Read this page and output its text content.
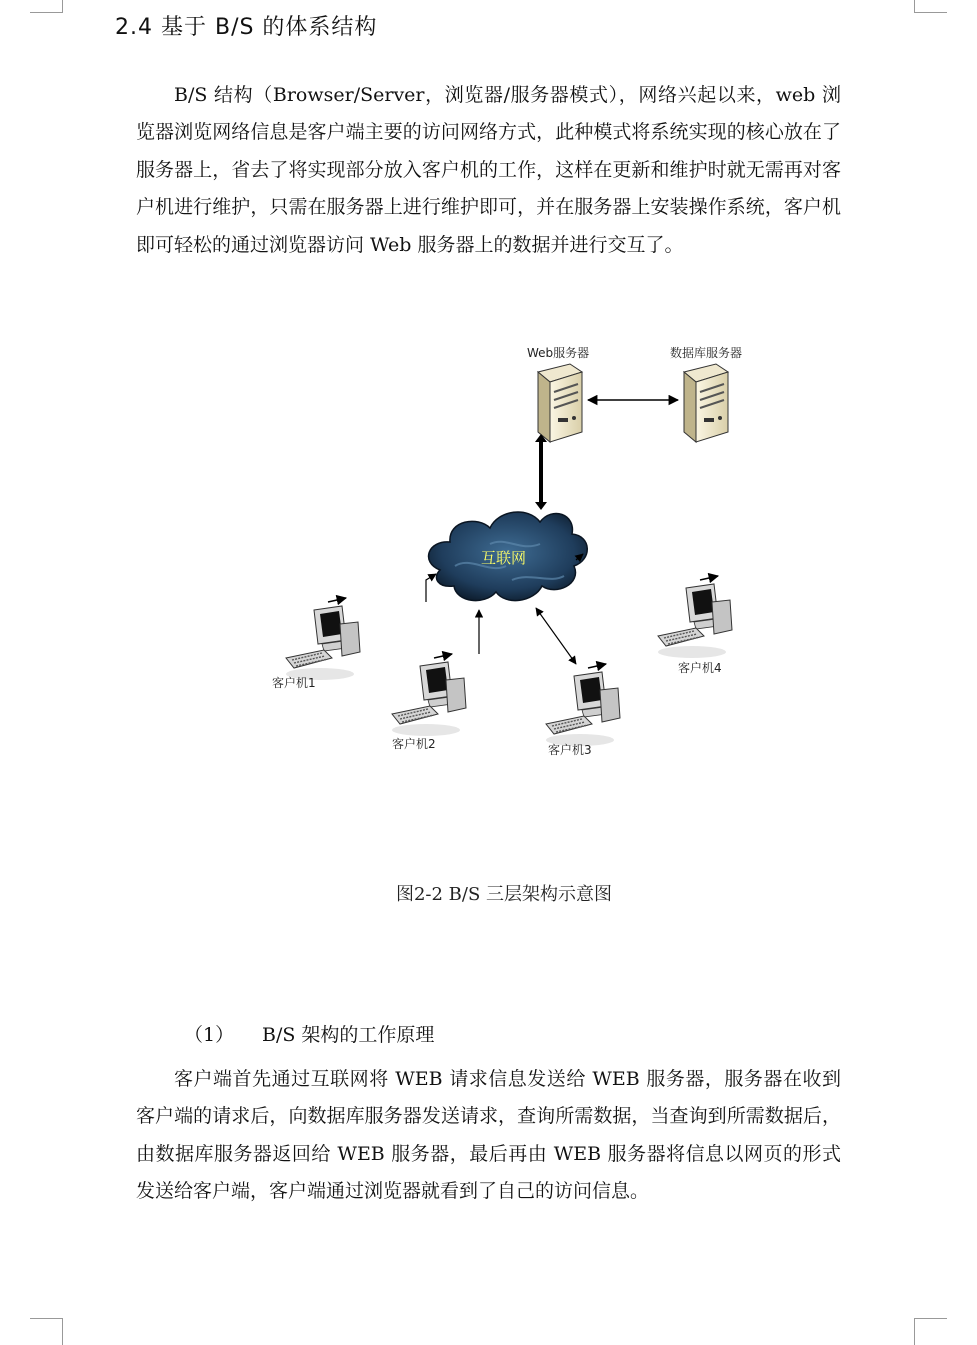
2.4 基于 B/S 的体系结构

B/S 结构（Browser/Server，浏览器/服务器模式），网络兴起以来，web 浏览器浏览网络信息是客户端主要的访问网络方式，此种模式将系统实现的核心放在了服务器上，省去了将实现部分放入客户机的工作，这样在更新和维护时就无需再对客户机进行维护，只需在服务器上进行维护即可，并在服务器上安装操作系统，客户机即可轻松的通过浏览器访问 Web 服务器上的数据并进行交互了。

Web服务器	数据库服务器
互联网
客户机1
客户机2	客户机3
客户机4
图2-2 B/S 三层架构示意图
（1） B/S 架构的工作原理

客户端首先通过互联网将 WEB 请求信息发送给 WEB 服务器，服务器在收到客户端的请求后，向数据库服务器发送请求，查询所需数据，当查询到所需数据后，由数据库服务器返回给 WEB 服务器，最后再由 WEB 服务器将信息以网页的形式发送给客户端，客户端通过浏览器就看到了自己的访问信息。
